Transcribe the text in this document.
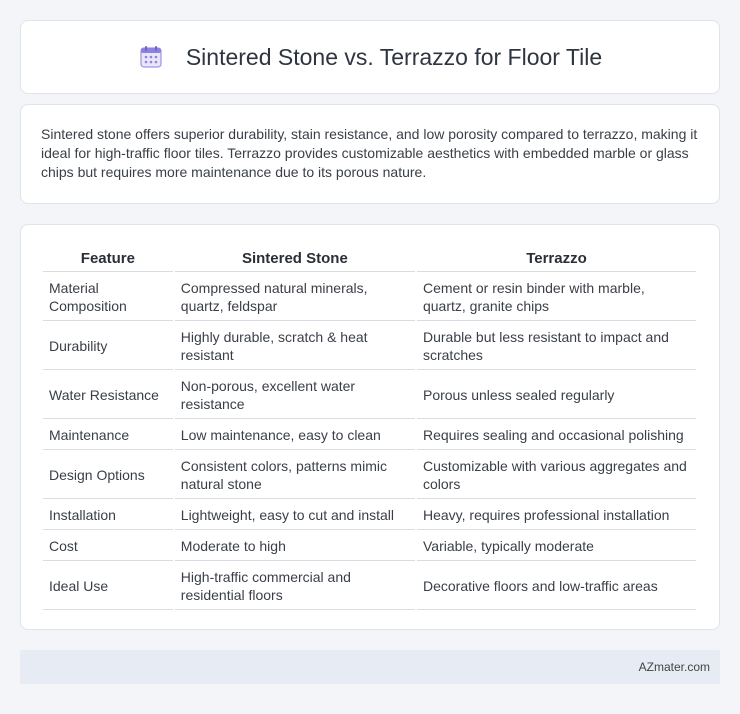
Sintered Stone vs. Terrazzo for Floor Tile

Sintered stone offers superior durability, stain resistance, and low porosity compared to terrazzo, making it ideal for high-traffic floor tiles. Terrazzo provides customizable aesthetics with embedded marble or glass chips but requires more maintenance due to its porous nature.

Feature	Sintered Stone	Terrazzo
Material Composition	Compressed natural minerals, quartz, feldspar	Cement or resin binder with marble, quartz, granite chips
Durability	Highly durable, scratch & heat resistant	Durable but less resistant to impact and scratches
Water Resistance	Non-porous, excellent water resistance	Porous unless sealed regularly
Maintenance	Low maintenance, easy to clean	Requires sealing and occasional polishing
Design Options	Consistent colors, patterns mimic natural stone	Customizable with various aggregates and colors
Installation	Lightweight, easy to cut and install	Heavy, requires professional installation
Cost	Moderate to high	Variable, typically moderate
Ideal Use	High-traffic commercial and residential floors	Decorative floors and low-traffic areas
AZmater.com
